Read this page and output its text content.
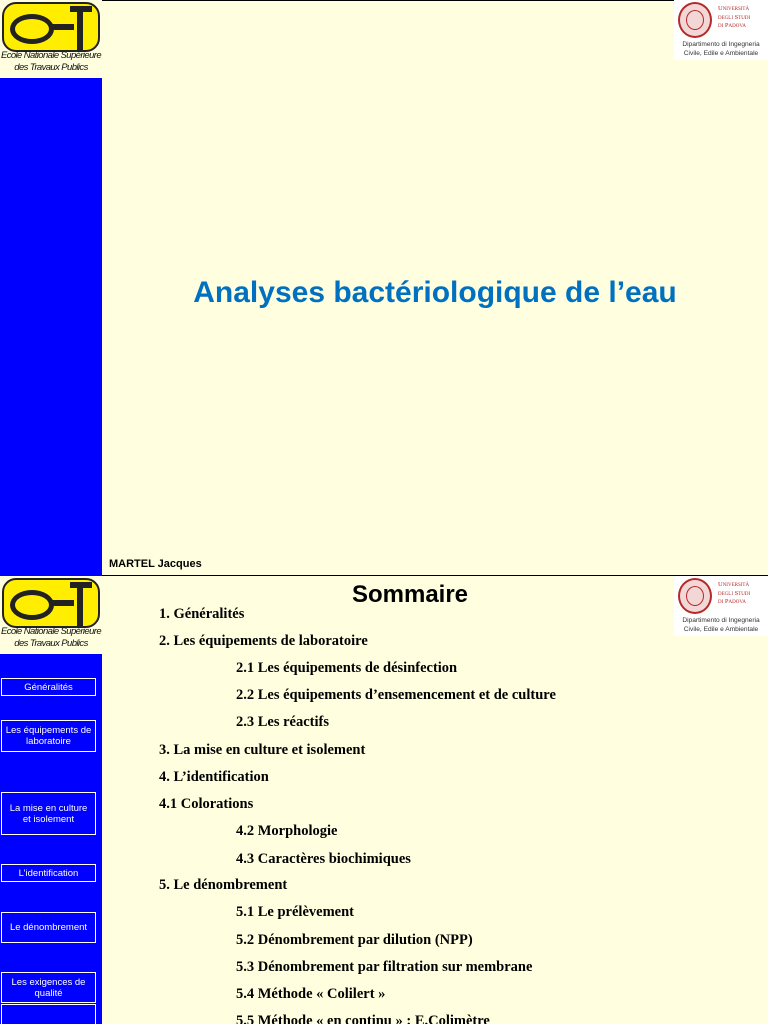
Ecole Nationale Supérieure
des Travaux Publics
Università
degli Studi
di Padova
Dipartimento di Ingegneria
Civile, Edile e Ambientale
Analyses bactériologique de l’eau
MARTEL Jacques
Généralités
Les équipements de laboratoire
La mise en culture et isolement
L’identification
Le dénombrement
Les exigences de qualité
Ecole Nationale Supérieure
des Travaux Publics
Università
degli Studi
di Padova
Dipartimento di Ingegneria
Civile, Edile e Ambientale
Sommaire
1. Généralités
2. Les équipements de laboratoire
2.1 Les équipements de désinfection
2.2 Les équipements d’ensemencement et de culture
2.3 Les réactifs
3. La mise en culture et isolement
4. L’identification
4.1 Colorations
4.2 Morphologie
4.3 Caractères biochimiques
5. Le dénombrement
5.1 Le prélèvement
5.2 Dénombrement par dilution (NPP)
5.3 Dénombrement par filtration sur membrane
5.4 Méthode « Colilert »
5.5 Méthode « en continu » : E.Colimètre
